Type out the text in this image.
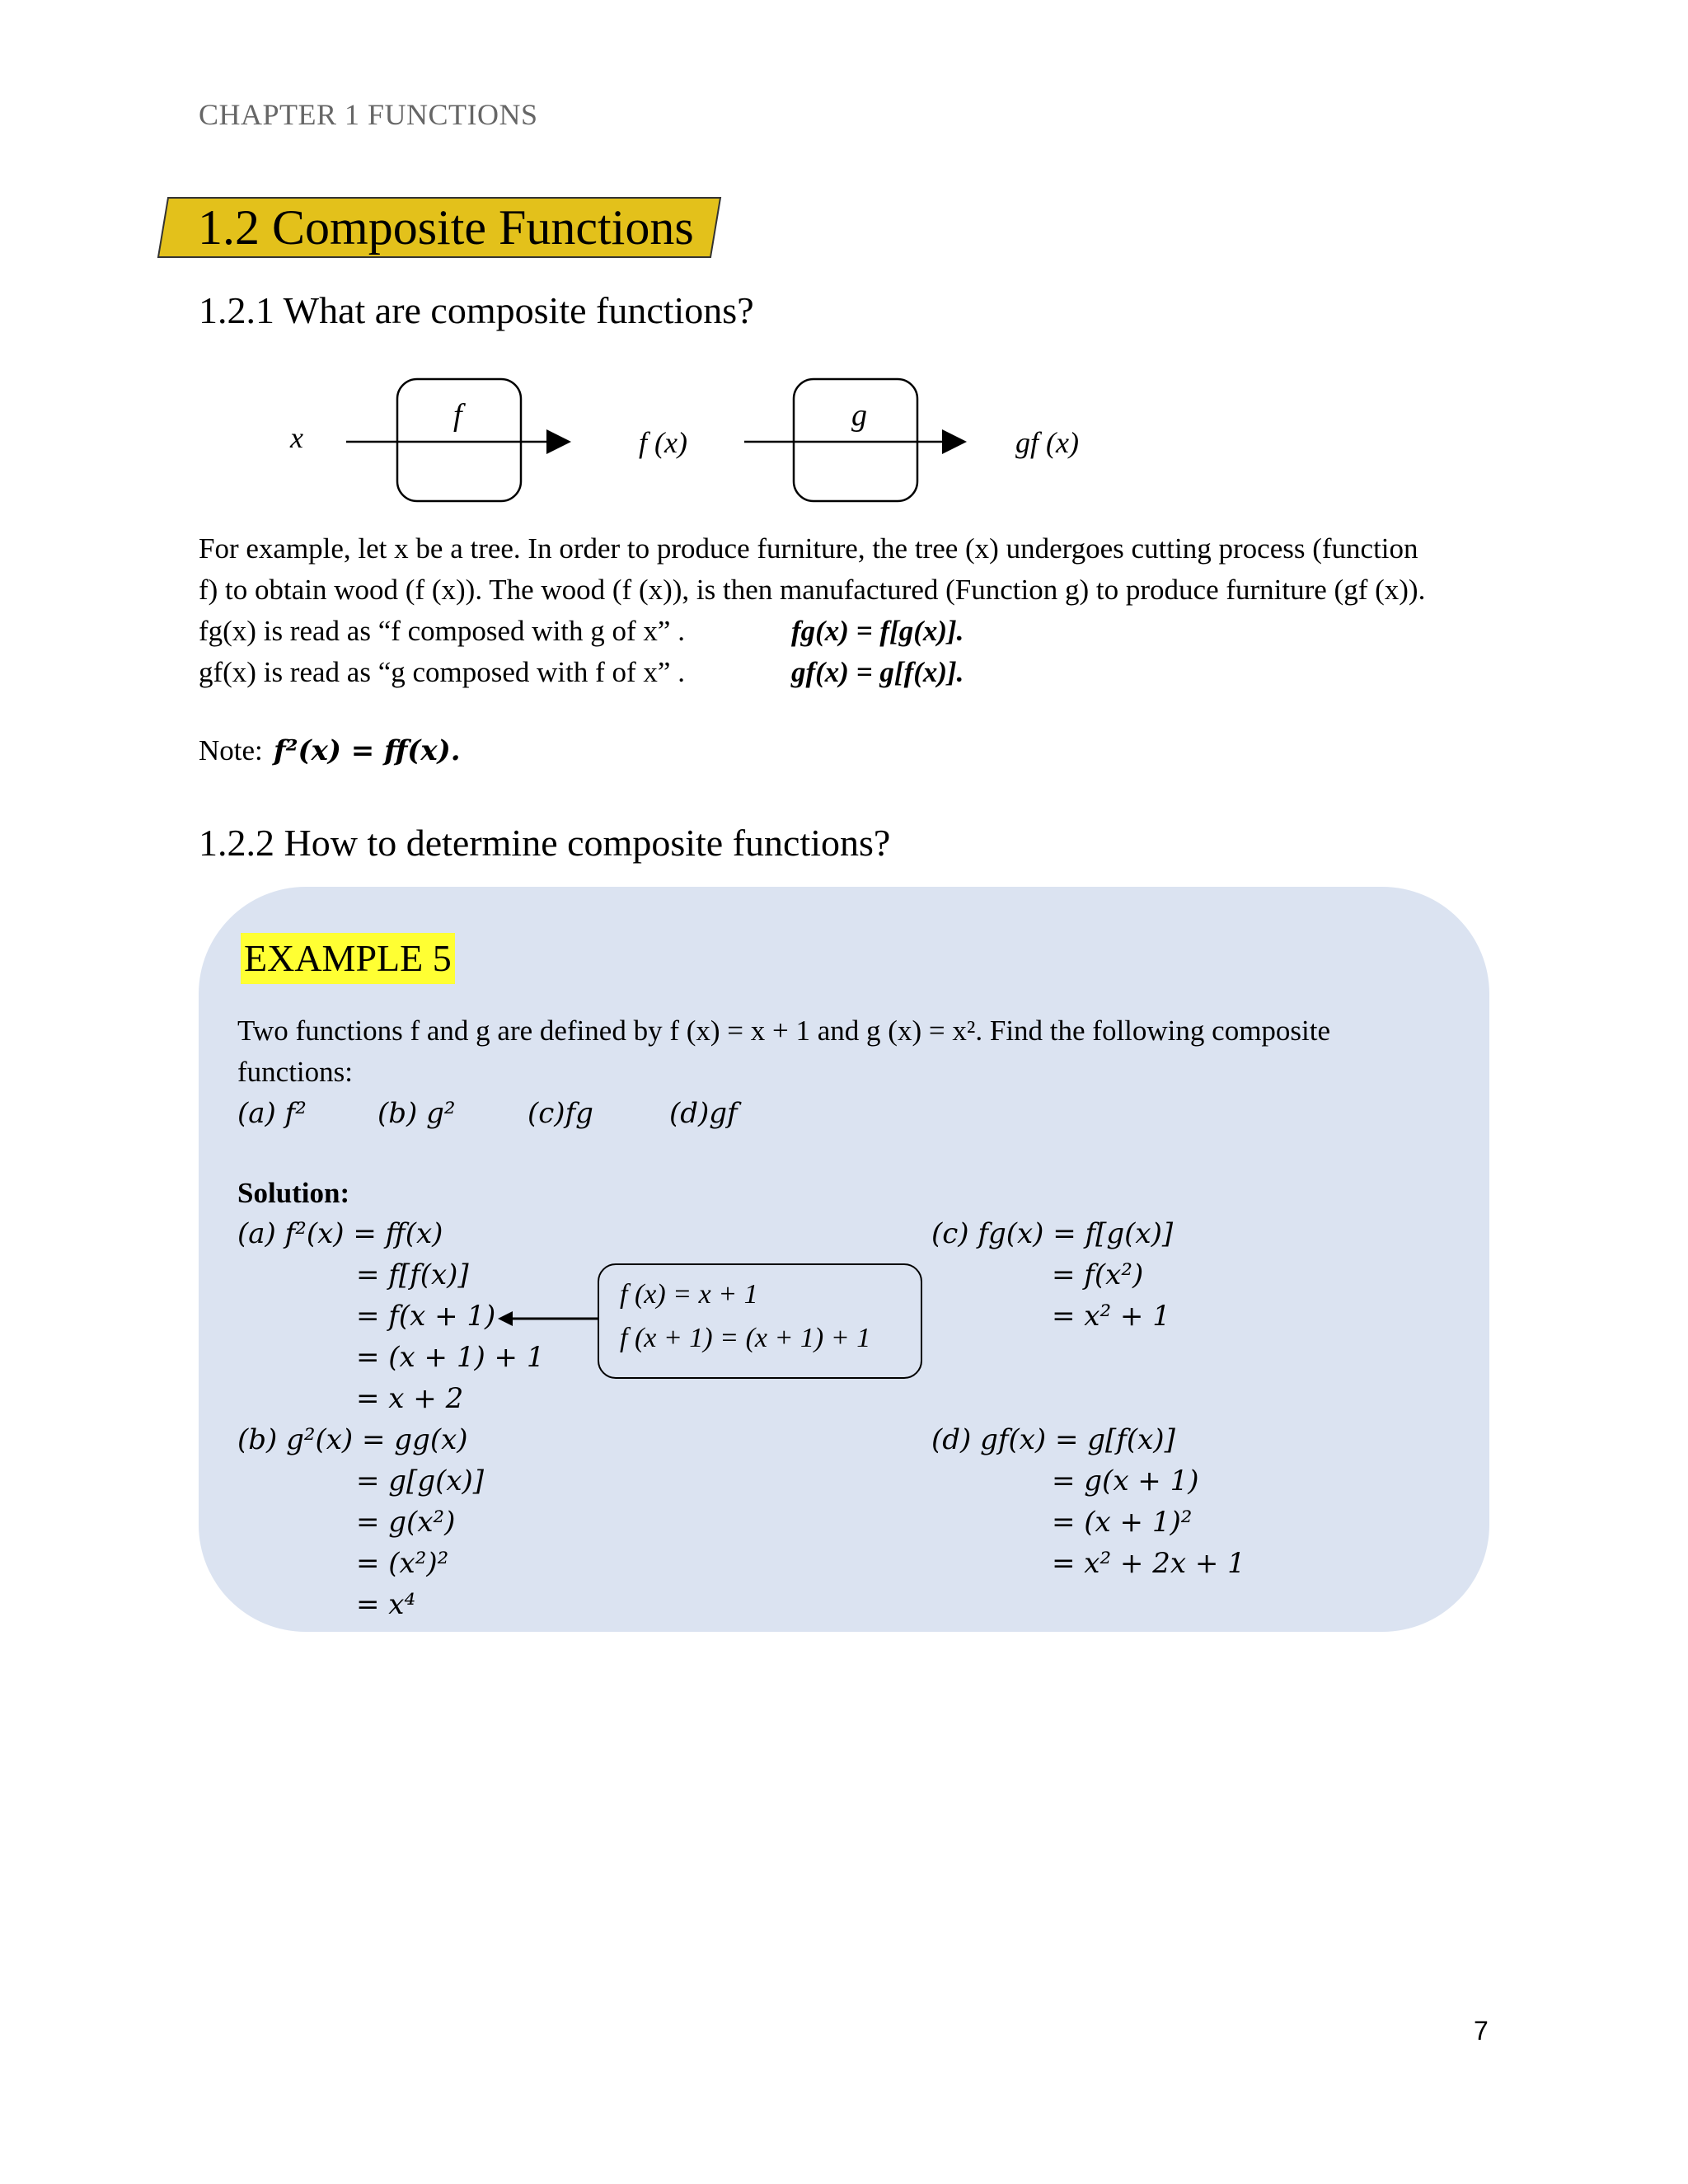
CHAPTER 1 FUNCTIONS
1.2 Composite Functions
1.2.1 What are composite functions?
x
f
f (x)
g
gf (x)
For example, let x be a tree. In order to produce furniture, the tree (x) undergoes cutting process (function
f) to obtain wood (f (x)). The wood (f (x)), is then manufactured (Function g) to produce furniture (gf (x)).
fg(x) is read as “f composed with g of x” .	fg(x) = f[g(x)].
gf(x) is read as “g composed with f of x” .	gf(x) = g[f(x)].
Note: f²(x) = ff(x).
1.2.2 How to determine composite functions?
EXAMPLE 5
Two functions f and g are defined by f (x) = x + 1 and g (x) = x². Find the following composite
functions:
(a) f²	(b) g²	(c)fg	(d)gf
Solution:
(a) f²(x) = ff(x)
= f[f(x)]
= f(x + 1)
= (x + 1) + 1
= x + 2
f (x) = x + 1
f (x + 1) = (x + 1) + 1
(b) g²(x) = gg(x)
= g[g(x)]
= g(x²)
= (x²)²
= x⁴
(c) fg(x) = f[g(x)]
= f(x²)
= x² + 1
(d) gf(x) = g[f(x)]
= g(x + 1)
= (x + 1)²
= x² + 2x + 1
7
